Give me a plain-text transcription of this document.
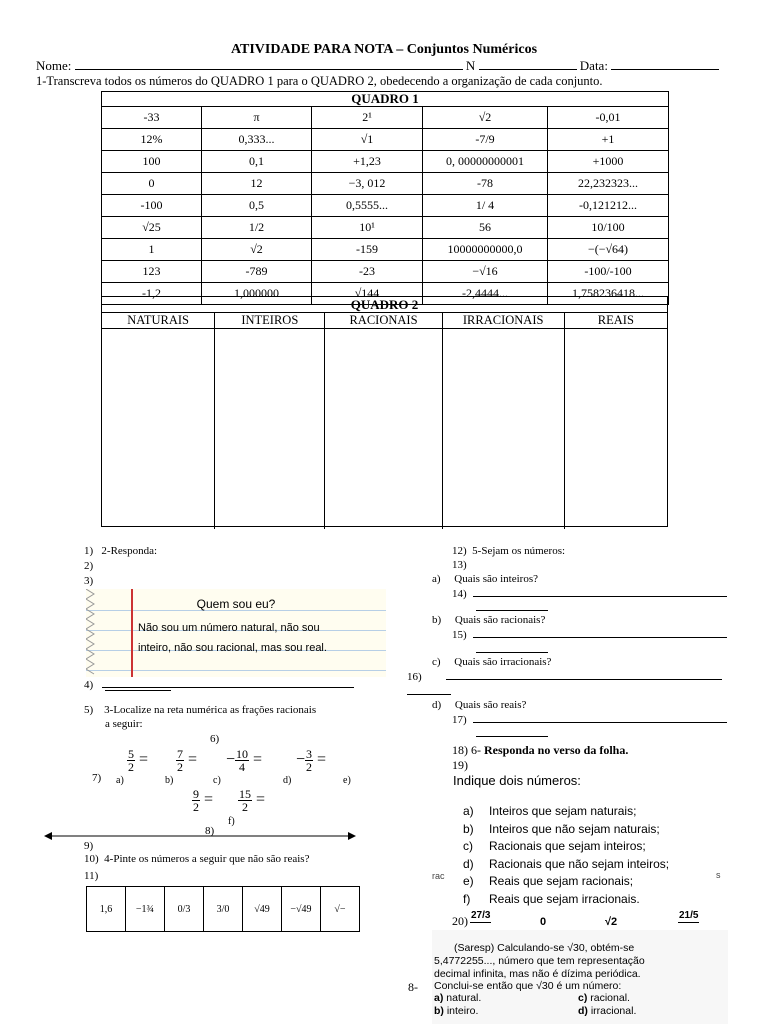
ATIVIDADE PARA NOTA – Conjuntos Numéricos
Nome:	N	Data:
1-Transcreva todos os números do QUADRO 1 para o QUADRO 2, obedecendo a organização de cada conjunto.
QUADRO 1				
-33	π	2¹	√2	-0,01
12%	0,333...	√1	-7/9	+1
100	0,1	+1,23	0, 00000000001	+1000
0	12	−3, 012	-78	22,232323...
-100	0,5	0,5555...	1/ 4	-0,121212...
√25	1/2	10¹	56	10/100
1	√2	-159	10000000000,0	−(−√64)
123	-789	-23	−√16	-100/-100
-1,2	1,000000	√144	-2,4444...	1,758236418...
QUADRO 2
NATURAIS	INTEIROS	RACIONAIS	IRRACIONAIS	REAIS
1) 2-Responda:
2)
3)
Quem sou eu?
Não sou um número natural, não sou
inteiro, não sou racional, mas sou real.
4)
5) 3-Localize na reta numérica as frações racionais
a seguir:
6)
7) a)
$\frac{5}{2}$ =
b)
$\frac{7}{2}$ =
c)
− $\frac{10}{4}$ =
d)
− $\frac{3}{2}$ =
e)
$\frac{9}{2}$ =
f)
$\frac{15}{2}$ =
8)
9)
10) 4-Pinte os números a seguir que não são reais?
11)
1,6	−1¾	0/3	3/0	√49	−√49	√−
12) 5-Sejam os números:
13)
a) Quais são inteiros?
14)
b) Quais são racionais?
15)
c) Quais são irracionais?
16)
d) Quais são reais?
17)
18) 6- Responda no verso da folha.
19)
Indique dois números:
a) Inteiros que sejam naturais;
b) Inteiros que não sejam naturais;
c) Racionais que sejam inteiros;
d) Racionais que não sejam inteiros;
e) Reais que sejam racionais;
f) Reais que sejam irracionais.
rac	s
20) 27/3
0	√2
21/5
(Saresp) Calculando-se √30, obtém-se
5,4772255..., número que tem representação
decimal infinita, mas não é dízima periódica.
Conclui-se então que √30 é um número:
a) natural.	c) racional.
b) inteiro.	d) irracional.
8-
